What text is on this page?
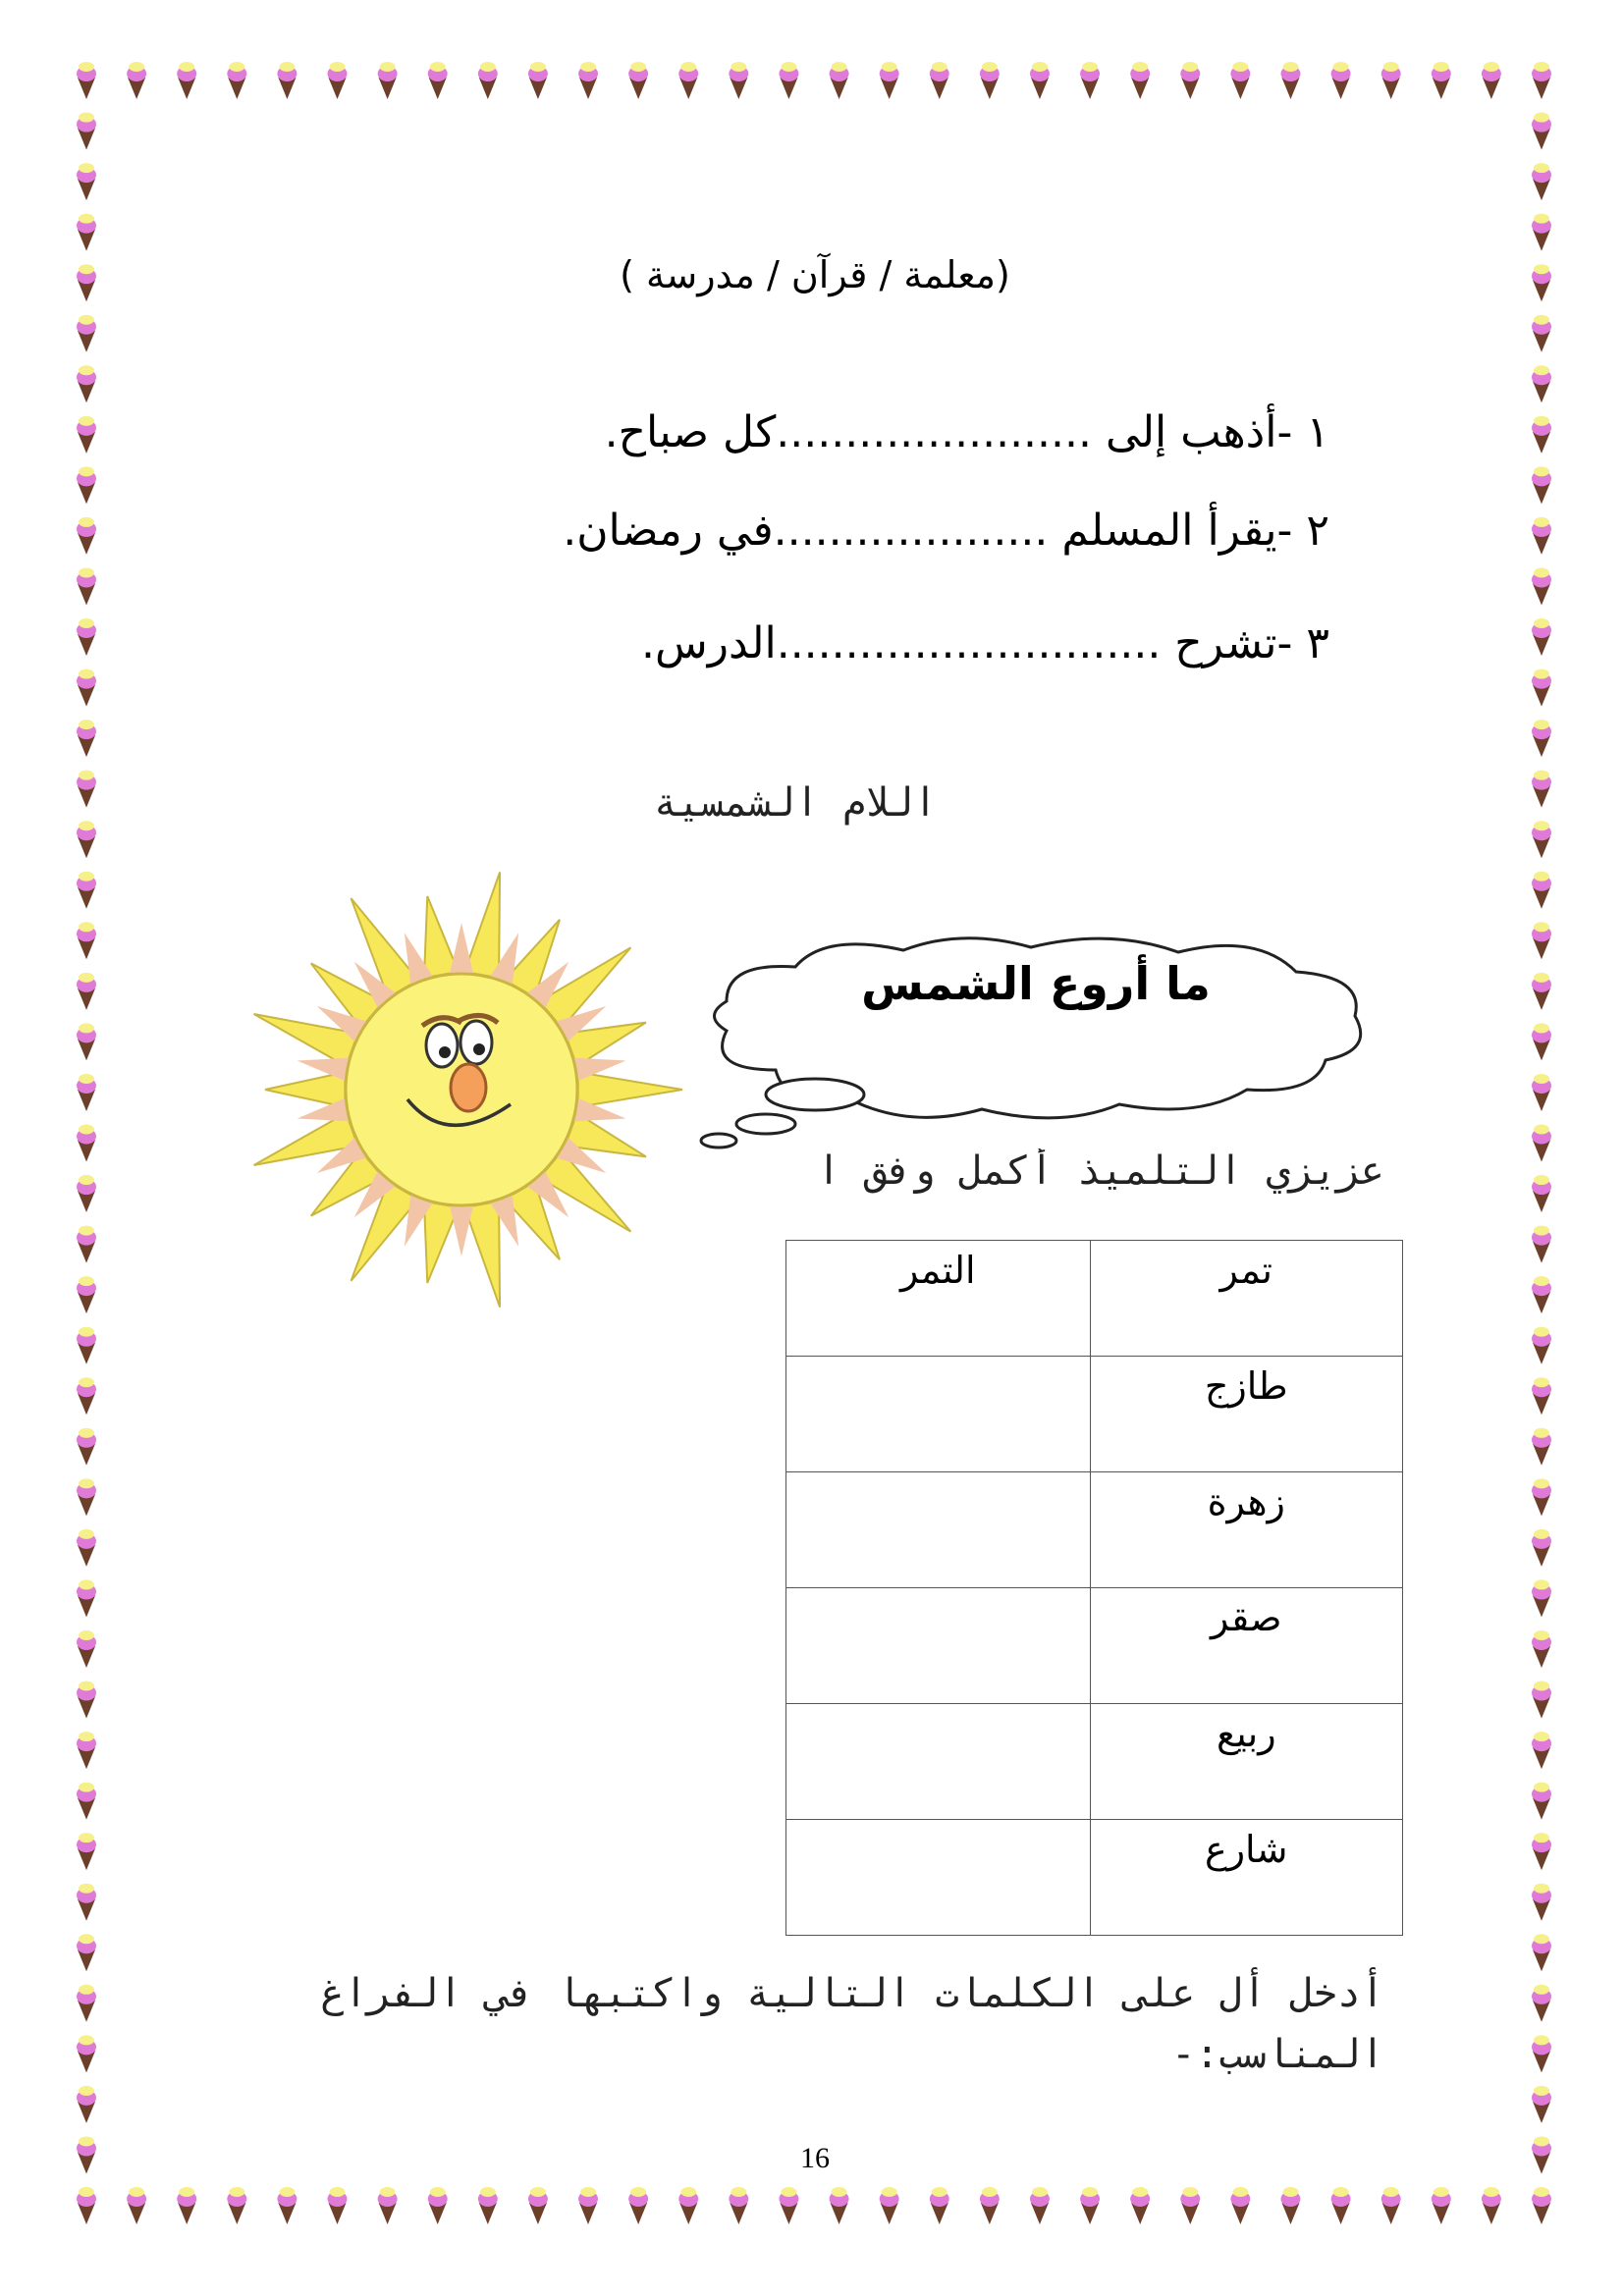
(معلمة / قرآن / مدرسة )
١ -أذهب إلى .......................كل صباح.
٢ -يقرأ المسلم ....................في رمضان.
٣ -تشرح ............................الدرس.
اللام الشمسية
ما أروع الشمس
عزيزي التلميذ أكمل وفق ا
التمر	تمر
	طازج
	زهرة
	صقر
	ربيع
	شارع
أدخل أل على الكلمات التالية واكتبها في الفراغ المناسب:-
16
